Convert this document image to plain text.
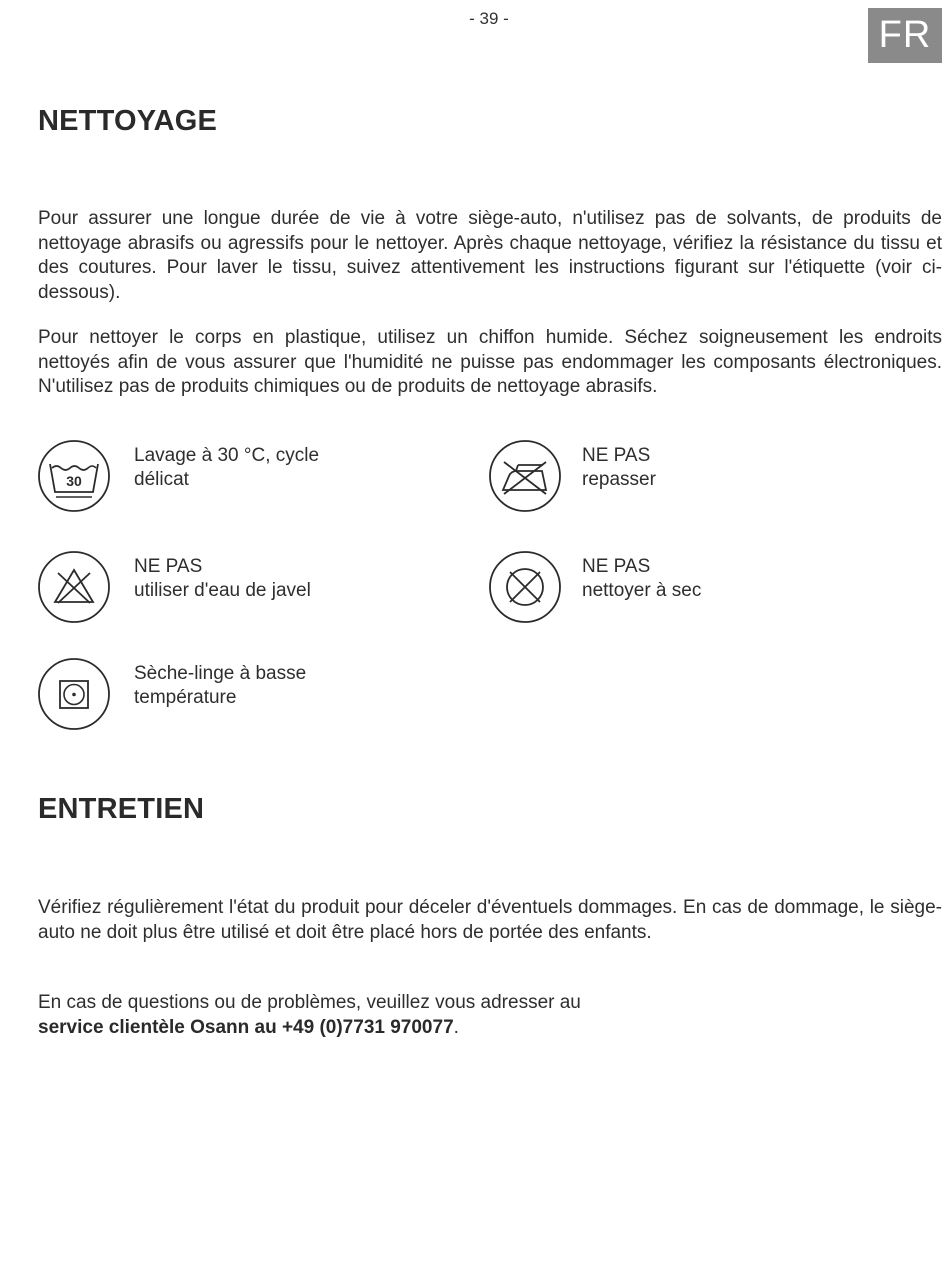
- 39 -	FR
NETTOYAGE

Pour assurer une longue durée de vie à votre siège-auto, n'utilisez pas de solvants, de produits de nettoyage abrasifs ou agressifs pour le nettoyer. Après chaque nettoyage, vérifiez la résistance du tissu et des coutures. Pour laver le tissu, suivez attentivement les instructions figurant sur l'étiquette (voir ci-dessous).

Pour nettoyer le corps en plastique, utilisez un chiffon humide. Séchez soigneusement les endroits nettoyés afin de vous assurer que l'humidité ne puisse pas endommager les composants électroniques. N'utilisez pas de produits chimiques ou de produits de nettoyage abrasifs.

30
Lavage à 30 °C, cycle
délicat
NE PAS
repasser
NE PAS
utiliser d'eau de javel
NE PAS
nettoyer à sec
Sèche-linge à basse
température
ENTRETIEN

Vérifiez régulièrement l'état du produit pour déceler d'éventuels dommages. En cas de dommage, le siège-auto ne doit plus être utilisé et doit être placé hors de portée des enfants.

En cas de questions ou de problèmes, veuillez vous adresser au
service clientèle Osann au +49 (0)7731 970077.
